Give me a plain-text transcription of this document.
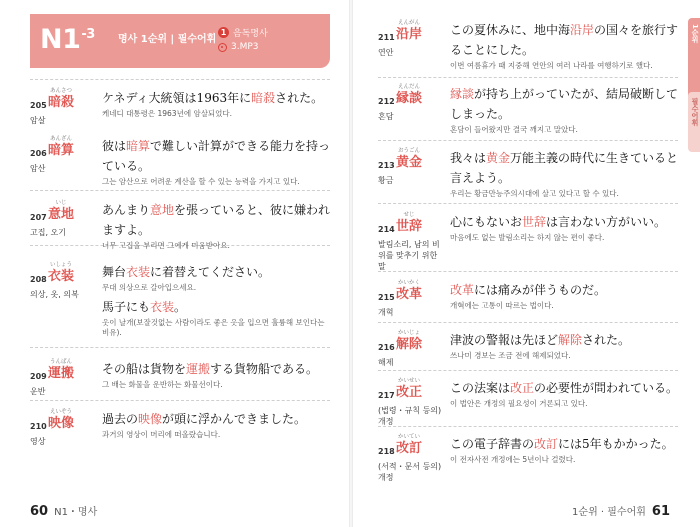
$N1^{-3}$ 명사 1순위 | 필수어휘
1 음독명사
3.MP3
205
あんさつ
暗殺
암살

ケネディ大統領は1963年に暗殺された。

케네디 대통령은 1963년에 암살되었다.
206
あんざん
暗算
암산

彼は暗算で難しい計算ができる能力を持っている。

그는 암산으로 어려운 계산을 할 수 있는 능력을 가지고 있다.
207
いじ
意地
고집, 오기

あんまり意地を張っていると、彼に嫌われますよ。

너무 고집을 부리면 그에게 미움받아요.
208
いしょう
衣装
의상, 옷, 의복

舞台衣装に着替えてください。

무대 의상으로 갈아입으세요.

馬子にも衣装。

옷이 날개(보잘것없는 사람이라도 좋은 옷을 입으면 훌륭해 보인다는 비유).
209
うんぱん
運搬
운반

その船は貨物を運搬する貨物船である。

그 배는 화물을 운반하는 화물선이다.
210
えいぞう
映像
영상

過去の映像が頭に浮かんできました。

과거의 영상이 머리에 떠올랐습니다.
60 N1・명사
211
えんがん
沿岸
연안

この夏休みに、地中海沿岸の国々を旅行することにした。

이번 여름휴가 때 지중해 연안의 여러 나라를 여행하기로 했다.
212
えんだん
縁談
혼담

縁談が持ち上がっていたが、結局破断してしまった。

혼담이 들어왔지만 결국 깨지고 말았다.
213
おうごん
黄金
황금

我々は黄金万能主義の時代に生きていると言えよう。

우리는 황금만능주의시대에 살고 있다고 할 수 있다.
214
せじ
世辞
발림소리, 남의 비위를 맞추기 위한 말

心にもないお世辞は言わない方がいい。

마음에도 없는 발림소리는 하지 않는 편이 좋다.
215
かいかく
改革
개혁

改革には痛みが伴うものだ。

개혁에는 고통이 따르는 법이다.
216
かいじょ
解除
해제

津波の警報は先ほど解除された。

쓰나미 경보는 조금 전에 해제되었다.
217
かいせい
改正
(법령・규칙 등의) 개정

この法案は改正の必要性が問われている。

이 법안은 개정의 필요성이 거론되고 있다.
218
かいてい
改訂
(서적・문서 등의) 개정

この電子辞書の改訂には5年もかかった。

이 전자사전 개정에는 5년이나 걸렸다.
1순위
필수어휘
1순위 · 필수어휘 61
